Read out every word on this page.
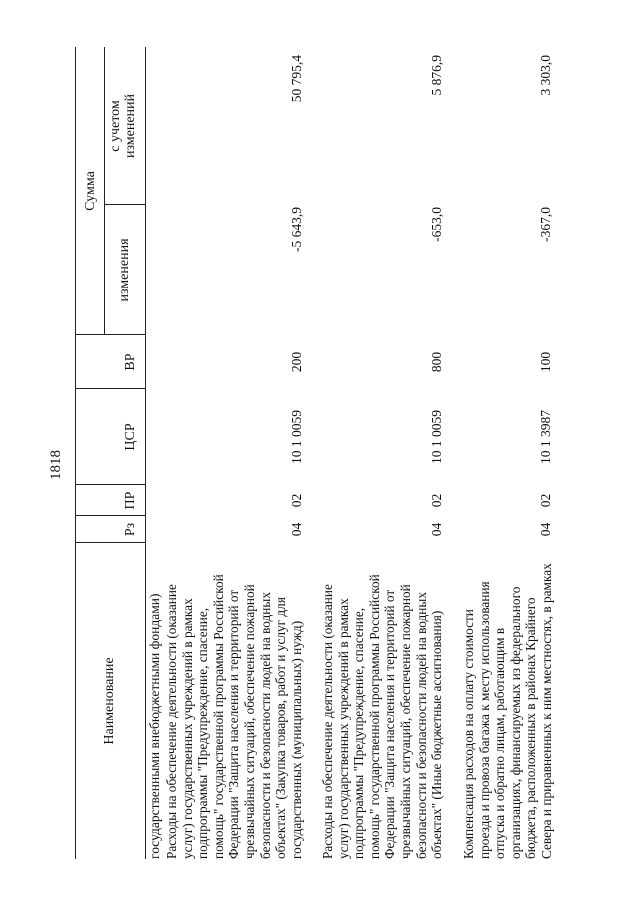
1818
Наименование
Рз
ПР
ЦСР
ВР
Сумма
изменения
с учетом изменений
государственными внебюджетными фондами) Расходы на обеспечение деятельности (оказание услуг) государственных учреждений в рамках подпрограммы "Предупреждение, спасение, помощь" государственной программы Российской Федерации "Защита населения и территорий от чрезвычайных ситуаций, обеспечение пожарной безопасности и безопасности людей на водных объектах" (Закупка товаров, работ и услуг для государственных (муниципальных) нужд)
04
02
10 1 0059
200
-5 643,9
50 795,4
Расходы на обеспечение деятельности (оказание услуг) государственных учреждений в рамках подпрограммы "Предупреждение, спасение, помощь" государственной программы Российской Федерации "Защита населения и территорий от чрезвычайных ситуаций, обеспечение пожарной безопасности и безопасности людей на водных объектах" (Иные бюджетные ассигнования)
04
02
10 1 0059
800
-653,0
5 876,9
Компенсация расходов на оплату стоимости проезда и провоза багажа к месту использования отпуска и обратно лицам, работающим в организациях, финансируемых из федерального бюджета, расположенных в районах Крайнего Севера и приравненных к ним местностях, в рамках
04
02
10 1 3987
100
-367,0
3 303,0
